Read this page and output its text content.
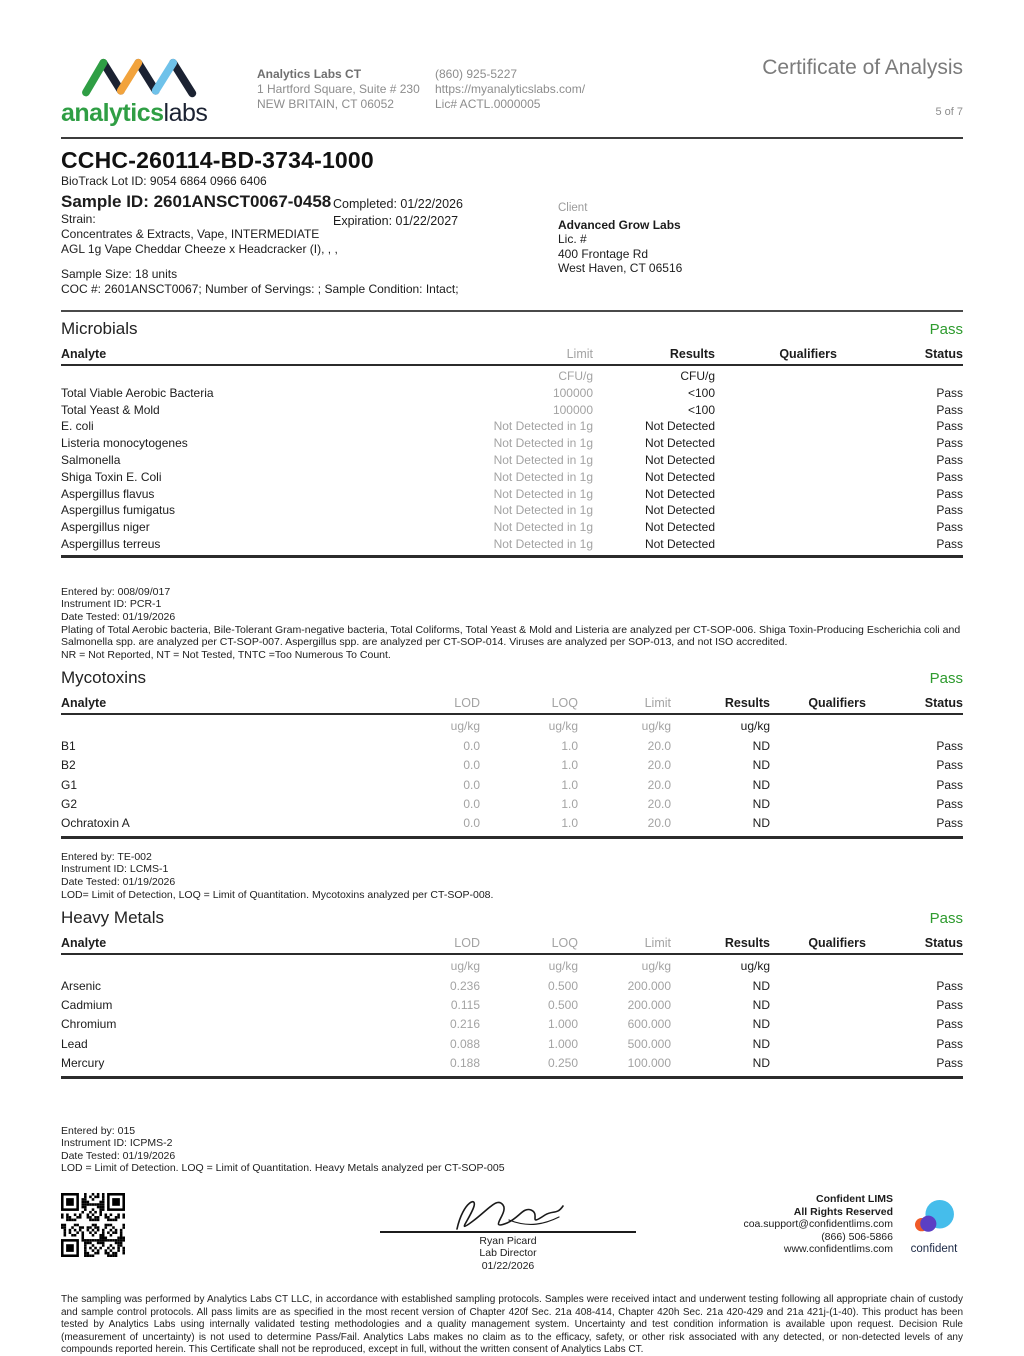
analyticslabs
Analytics Labs CT
1 Hartford Square, Suite # 230
NEW BRITAIN, CT 06052
(860) 925-5227
https://myanalyticslabs.com/
Lic# ACTL.0000005
Certificate of Analysis
5 of 7
CCHC-260114-BD-3734-1000
BioTrack Lot ID: 9054 6864 0966 6406
Sample ID: 2601ANSCT0067-0458
Strain:
Concentrates & Extracts, Vape, INTERMEDIATE
AGL 1g Vape Cheddar Cheeze x Headcracker (I), , ,
Sample Size: 18 units
COC #: 2601ANSCT0067; Number of Servings: ; Sample Condition: Intact;
Completed: 01/22/2026
Expiration: 01/22/2027
Client
Advanced Grow Labs
Lic. #
400 Frontage Rd
West Haven, CT 06516
Microbials	Pass
Analyte	Limit	Results	Qualifiers	Status
	CFU/g	CFU/g		
Total Viable Aerobic Bacteria	100000	<100		Pass
Total Yeast & Mold	100000	<100		Pass
E. coli	Not Detected in 1g	Not Detected		Pass
Listeria monocytogenes	Not Detected in 1g	Not Detected		Pass
Salmonella	Not Detected in 1g	Not Detected		Pass
Shiga Toxin E. Coli	Not Detected in 1g	Not Detected		Pass
Aspergillus flavus	Not Detected in 1g	Not Detected		Pass
Aspergillus fumigatus	Not Detected in 1g	Not Detected		Pass
Aspergillus niger	Not Detected in 1g	Not Detected		Pass
Aspergillus terreus	Not Detected in 1g	Not Detected		Pass
Entered by: 008/09/017
Instrument ID: PCR-1
Date Tested: 01/19/2026
Plating of Total Aerobic bacteria, Bile-Tolerant Gram-negative bacteria, Total Coliforms, Total Yeast & Mold and Listeria are analyzed per CT-SOP-006. Shiga Toxin-Producing Escherichia coli and Salmonella spp. are analyzed per CT-SOP-007. Aspergillus spp. are analyzed per CT-SOP-014. Viruses are analyzed per SOP-013, and not ISO accredited.
NR = Not Reported, NT = Not Tested, TNTC =Too Numerous To Count.
Mycotoxins	Pass
Analyte	LOD	LOQ	Limit	Results	Qualifiers	Status
	ug/kg	ug/kg	ug/kg	ug/kg		
B1	0.0	1.0	20.0	ND		Pass
B2	0.0	1.0	20.0	ND		Pass
G1	0.0	1.0	20.0	ND		Pass
G2	0.0	1.0	20.0	ND		Pass
Ochratoxin A	0.0	1.0	20.0	ND		Pass
Entered by: TE-002
Instrument ID: LCMS-1
Date Tested: 01/19/2026
LOD= Limit of Detection, LOQ = Limit of Quantitation. Mycotoxins analyzed per CT-SOP-008.
Heavy Metals	Pass
Analyte	LOD	LOQ	Limit	Results	Qualifiers	Status
	ug/kg	ug/kg	ug/kg	ug/kg		
Arsenic	0.236	0.500	200.000	ND		Pass
Cadmium	0.115	0.500	200.000	ND		Pass
Chromium	0.216	1.000	600.000	ND		Pass
Lead	0.088	1.000	500.000	ND		Pass
Mercury	0.188	0.250	100.000	ND		Pass
Entered by: 015
Instrument ID: ICPMS-2
Date Tested: 01/19/2026
LOD = Limit of Detection. LOQ = Limit of Quantitation. Heavy Metals analyzed per CT-SOP-005
Ryan Picard
Lab Director
01/22/2026
Confident LIMS
All Rights Reserved
coa.support@confidentlims.com
(866) 506-5866
www.confidentlims.com	confident
The sampling was performed by Analytics Labs CT LLC, in accordance with established sampling protocols. Samples were received intact and underwent testing following all appropriate chain of custody and sample control protocols. All pass limits are as specified in the most recent version of Chapter 420f Sec. 21a 408-414, Chapter 420h Sec. 21a 420-429 and 21a 421j-(1-40). This product has been tested by Analytics Labs using internally validated testing methodologies and a quality management system. Uncertainty and test condition information is available upon request. Decision Rule (measurement of uncertainty) is not used to determine Pass/Fail. Analytics Labs makes no claim as to the efficacy, safety, or other risk associated with any detected, or non-detected levels of any compounds reported herein. This Certificate shall not be reproduced, except in full, without the written consent of Analytics Labs CT.
